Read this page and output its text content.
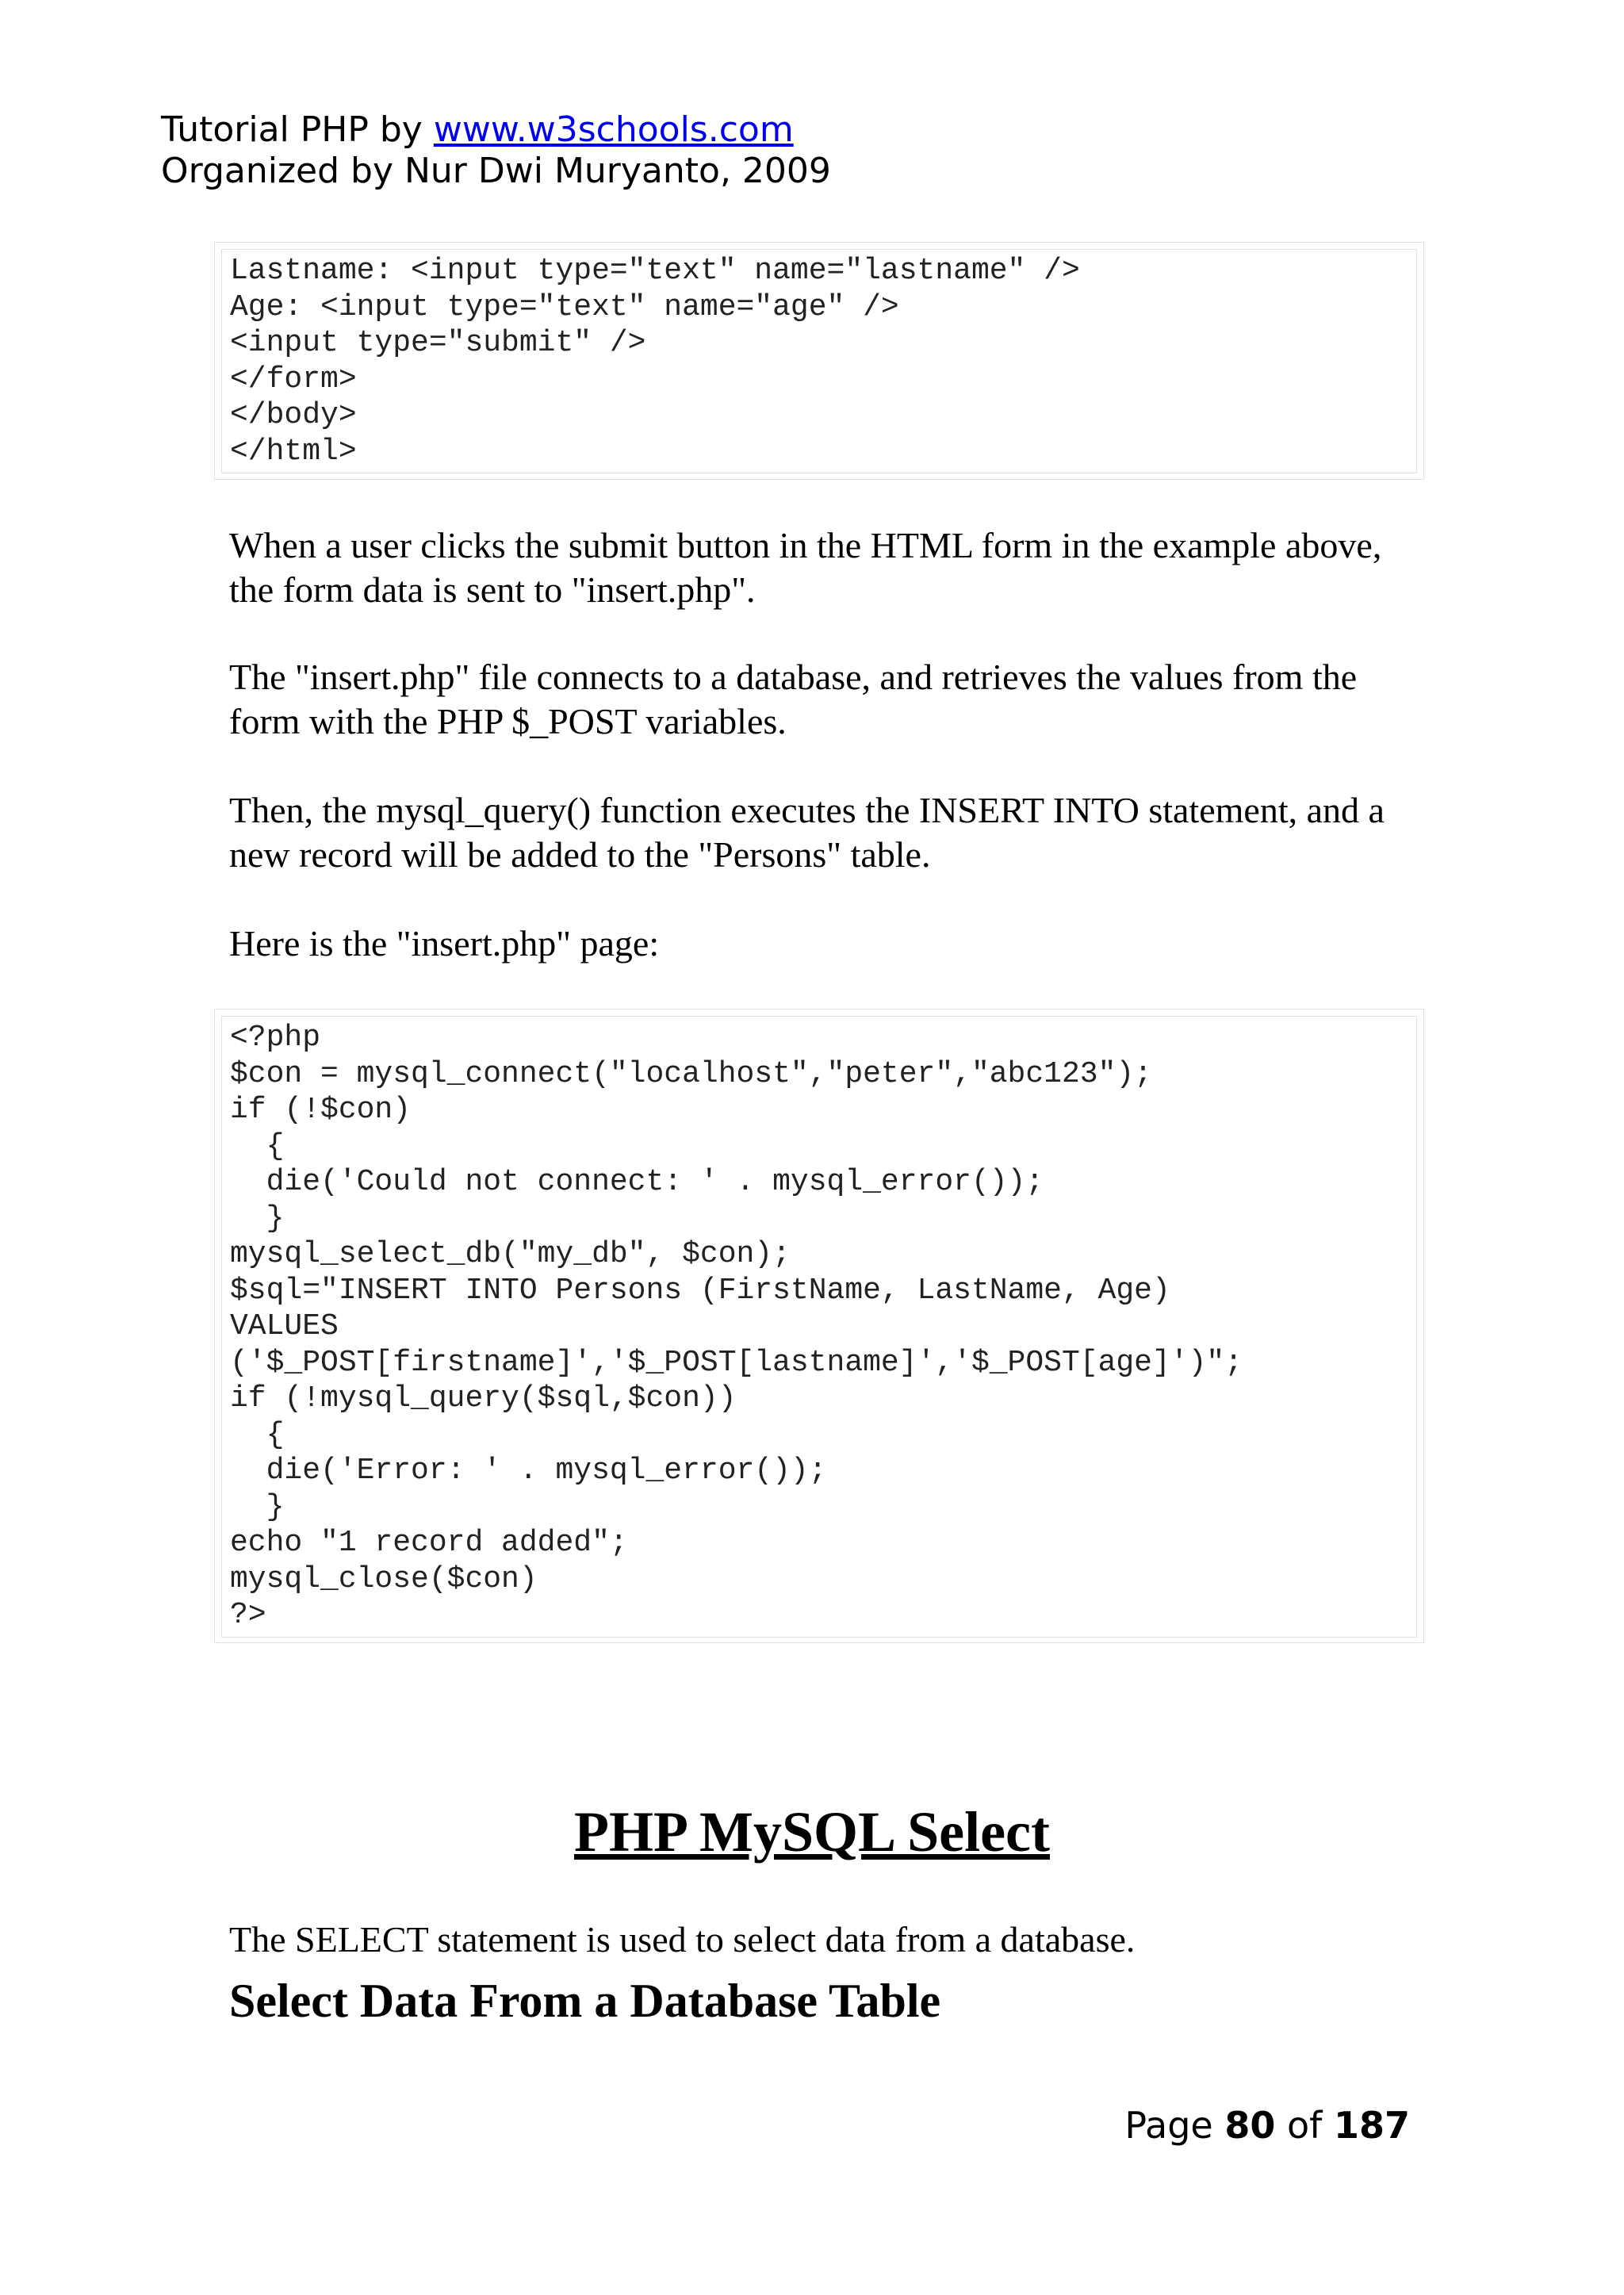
Tutorial PHP by www.w3schools.com
Organized by Nur Dwi Muryanto, 2009
Lastname: <input type="text" name="lastname" />
Age: <input type="text" name="age" />
<input type="submit" />
</form>
</body>
</html>

When a user clicks the submit button in the HTML form in the example above, the form data is sent to "insert.php".

The "insert.php" file connects to a database, and retrieves the values from the form with the PHP $_POST variables.

Then, the mysql_query() function executes the INSERT INTO statement, and a new record will be added to the "Persons" table.

Here is the "insert.php" page:

<?php
$con = mysql_connect("localhost","peter","abc123");
if (!$con)
{
die('Could not connect: ' . mysql_error());
}
mysql_select_db("my_db", $con);
$sql="INSERT INTO Persons (FirstName, LastName, Age)
VALUES
('$_POST[firstname]','$_POST[lastname]','$_POST[age]')";
if (!mysql_query($sql,$con))
{
die('Error: ' . mysql_error());
}
echo "1 record added";
mysql_close($con)
?>
PHP MySQL Select

The SELECT statement is used to select data from a database.

Select Data From a Database Table
Page 80 of 187
